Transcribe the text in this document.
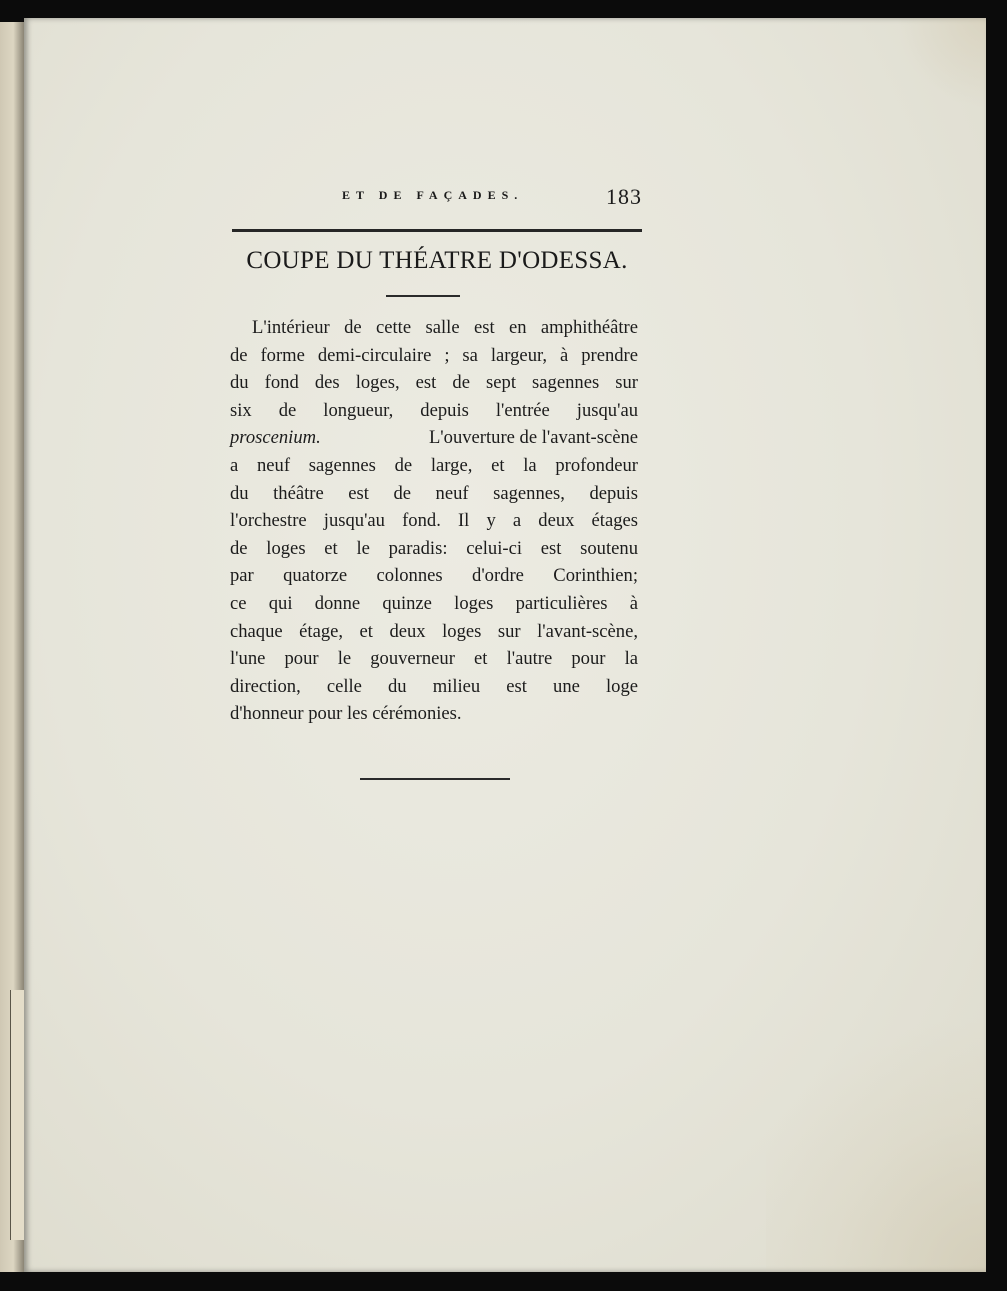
ET DE FAÇADES.	183
COUPE DU THÉATRE D'ODESSA.
L'intérieur de cette salle est en amphithéâtre
de forme demi-circulaire ; sa largeur, à prendre
du fond des loges, est de sept sagennes sur
six de longueur, depuis l'entrée jusqu'au
proscenium.	L'ouverture de l'avant-scène
a neuf sagennes de large, et la profondeur
du théâtre est de neuf sagennes, depuis
l'orchestre jusqu'au fond. Il y a deux étages
de loges et le paradis: celui-ci est soutenu
par quatorze colonnes d'ordre Corinthien;
ce qui donne quinze loges particulières à
chaque étage, et deux loges sur l'avant-scène,
l'une pour le gouverneur et l'autre pour la
direction, celle du milieu est une loge
d'honneur pour les cérémonies.
